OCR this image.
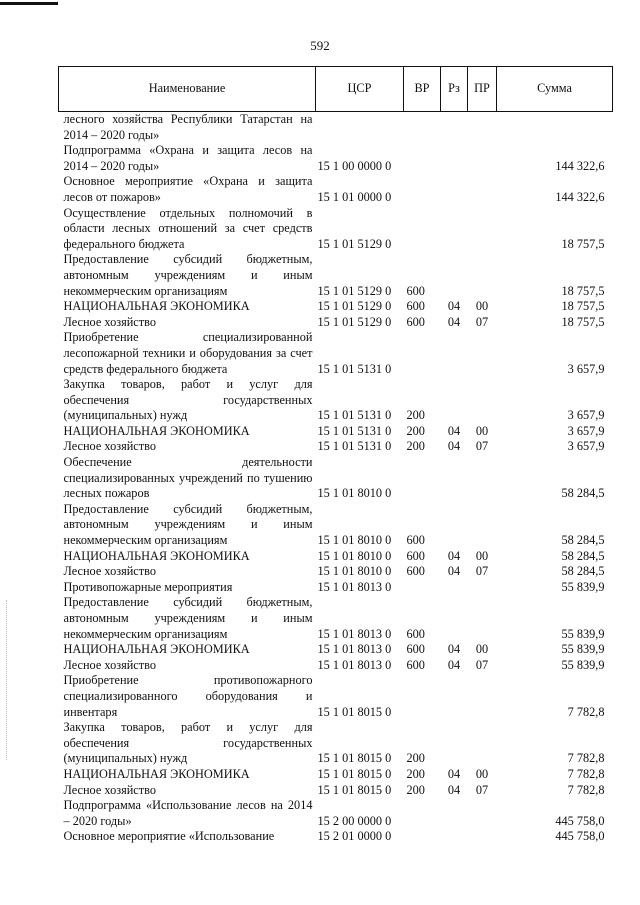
592
Наименование	ЦСР	ВР	Рз	ПР	Сумма
лесного хозяйства Республики Татарстан на 2014 – 2020 годы»					
Подпрограмма «Охрана и защита лесов на 2014 – 2020 годы»	15 1 00 0000 0				144 322,6
Основное мероприятие «Охрана и защита лесов от пожаров»	15 1 01 0000 0				144 322,6
Осуществление отдельных полномочий в области лесных отношений за счет средств федерального бюджета	15 1 01 5129 0				18 757,5
Предоставление субсидий бюджетным, автономным учреждениям и иным некоммерческим организациям	15 1 01 5129 0	600			18 757,5
НАЦИОНАЛЬНАЯ ЭКОНОМИКА	15 1 01 5129 0	600	04	00	18 757,5
Лесное хозяйство	15 1 01 5129 0	600	04	07	18 757,5
Приобретение специализированной лесопожарной техники и оборудования за счет средств федерального бюджета	15 1 01 5131 0				3 657,9
Закупка товаров, работ и услуг для обеспечения государственных (муниципальных) нужд	15 1 01 5131 0	200			3 657,9
НАЦИОНАЛЬНАЯ ЭКОНОМИКА	15 1 01 5131 0	200	04	00	3 657,9
Лесное хозяйство	15 1 01 5131 0	200	04	07	3 657,9
Обеспечение деятельности специализированных учреждений по тушению лесных пожаров	15 1 01 8010 0				58 284,5
Предоставление субсидий бюджетным, автономным учреждениям и иным некоммерческим организациям	15 1 01 8010 0	600			58 284,5
НАЦИОНАЛЬНАЯ ЭКОНОМИКА	15 1 01 8010 0	600	04	00	58 284,5
Лесное хозяйство	15 1 01 8010 0	600	04	07	58 284,5
Противопожарные мероприятия	15 1 01 8013 0				55 839,9
Предоставление субсидий бюджетным, автономным учреждениям и иным некоммерческим организациям	15 1 01 8013 0	600			55 839,9
НАЦИОНАЛЬНАЯ ЭКОНОМИКА	15 1 01 8013 0	600	04	00	55 839,9
Лесное хозяйство	15 1 01 8013 0	600	04	07	55 839,9
Приобретение противопожарного специализированного оборудования и инвентаря	15 1 01 8015 0				7 782,8
Закупка товаров, работ и услуг для обеспечения государственных (муниципальных) нужд	15 1 01 8015 0	200			7 782,8
НАЦИОНАЛЬНАЯ ЭКОНОМИКА	15 1 01 8015 0	200	04	00	7 782,8
Лесное хозяйство	15 1 01 8015 0	200	04	07	7 782,8
Подпрограмма «Использование лесов на 2014 – 2020 годы»	15 2 00 0000 0				445 758,0
Основное мероприятие «Использование	15 2 01 0000 0				445 758,0
